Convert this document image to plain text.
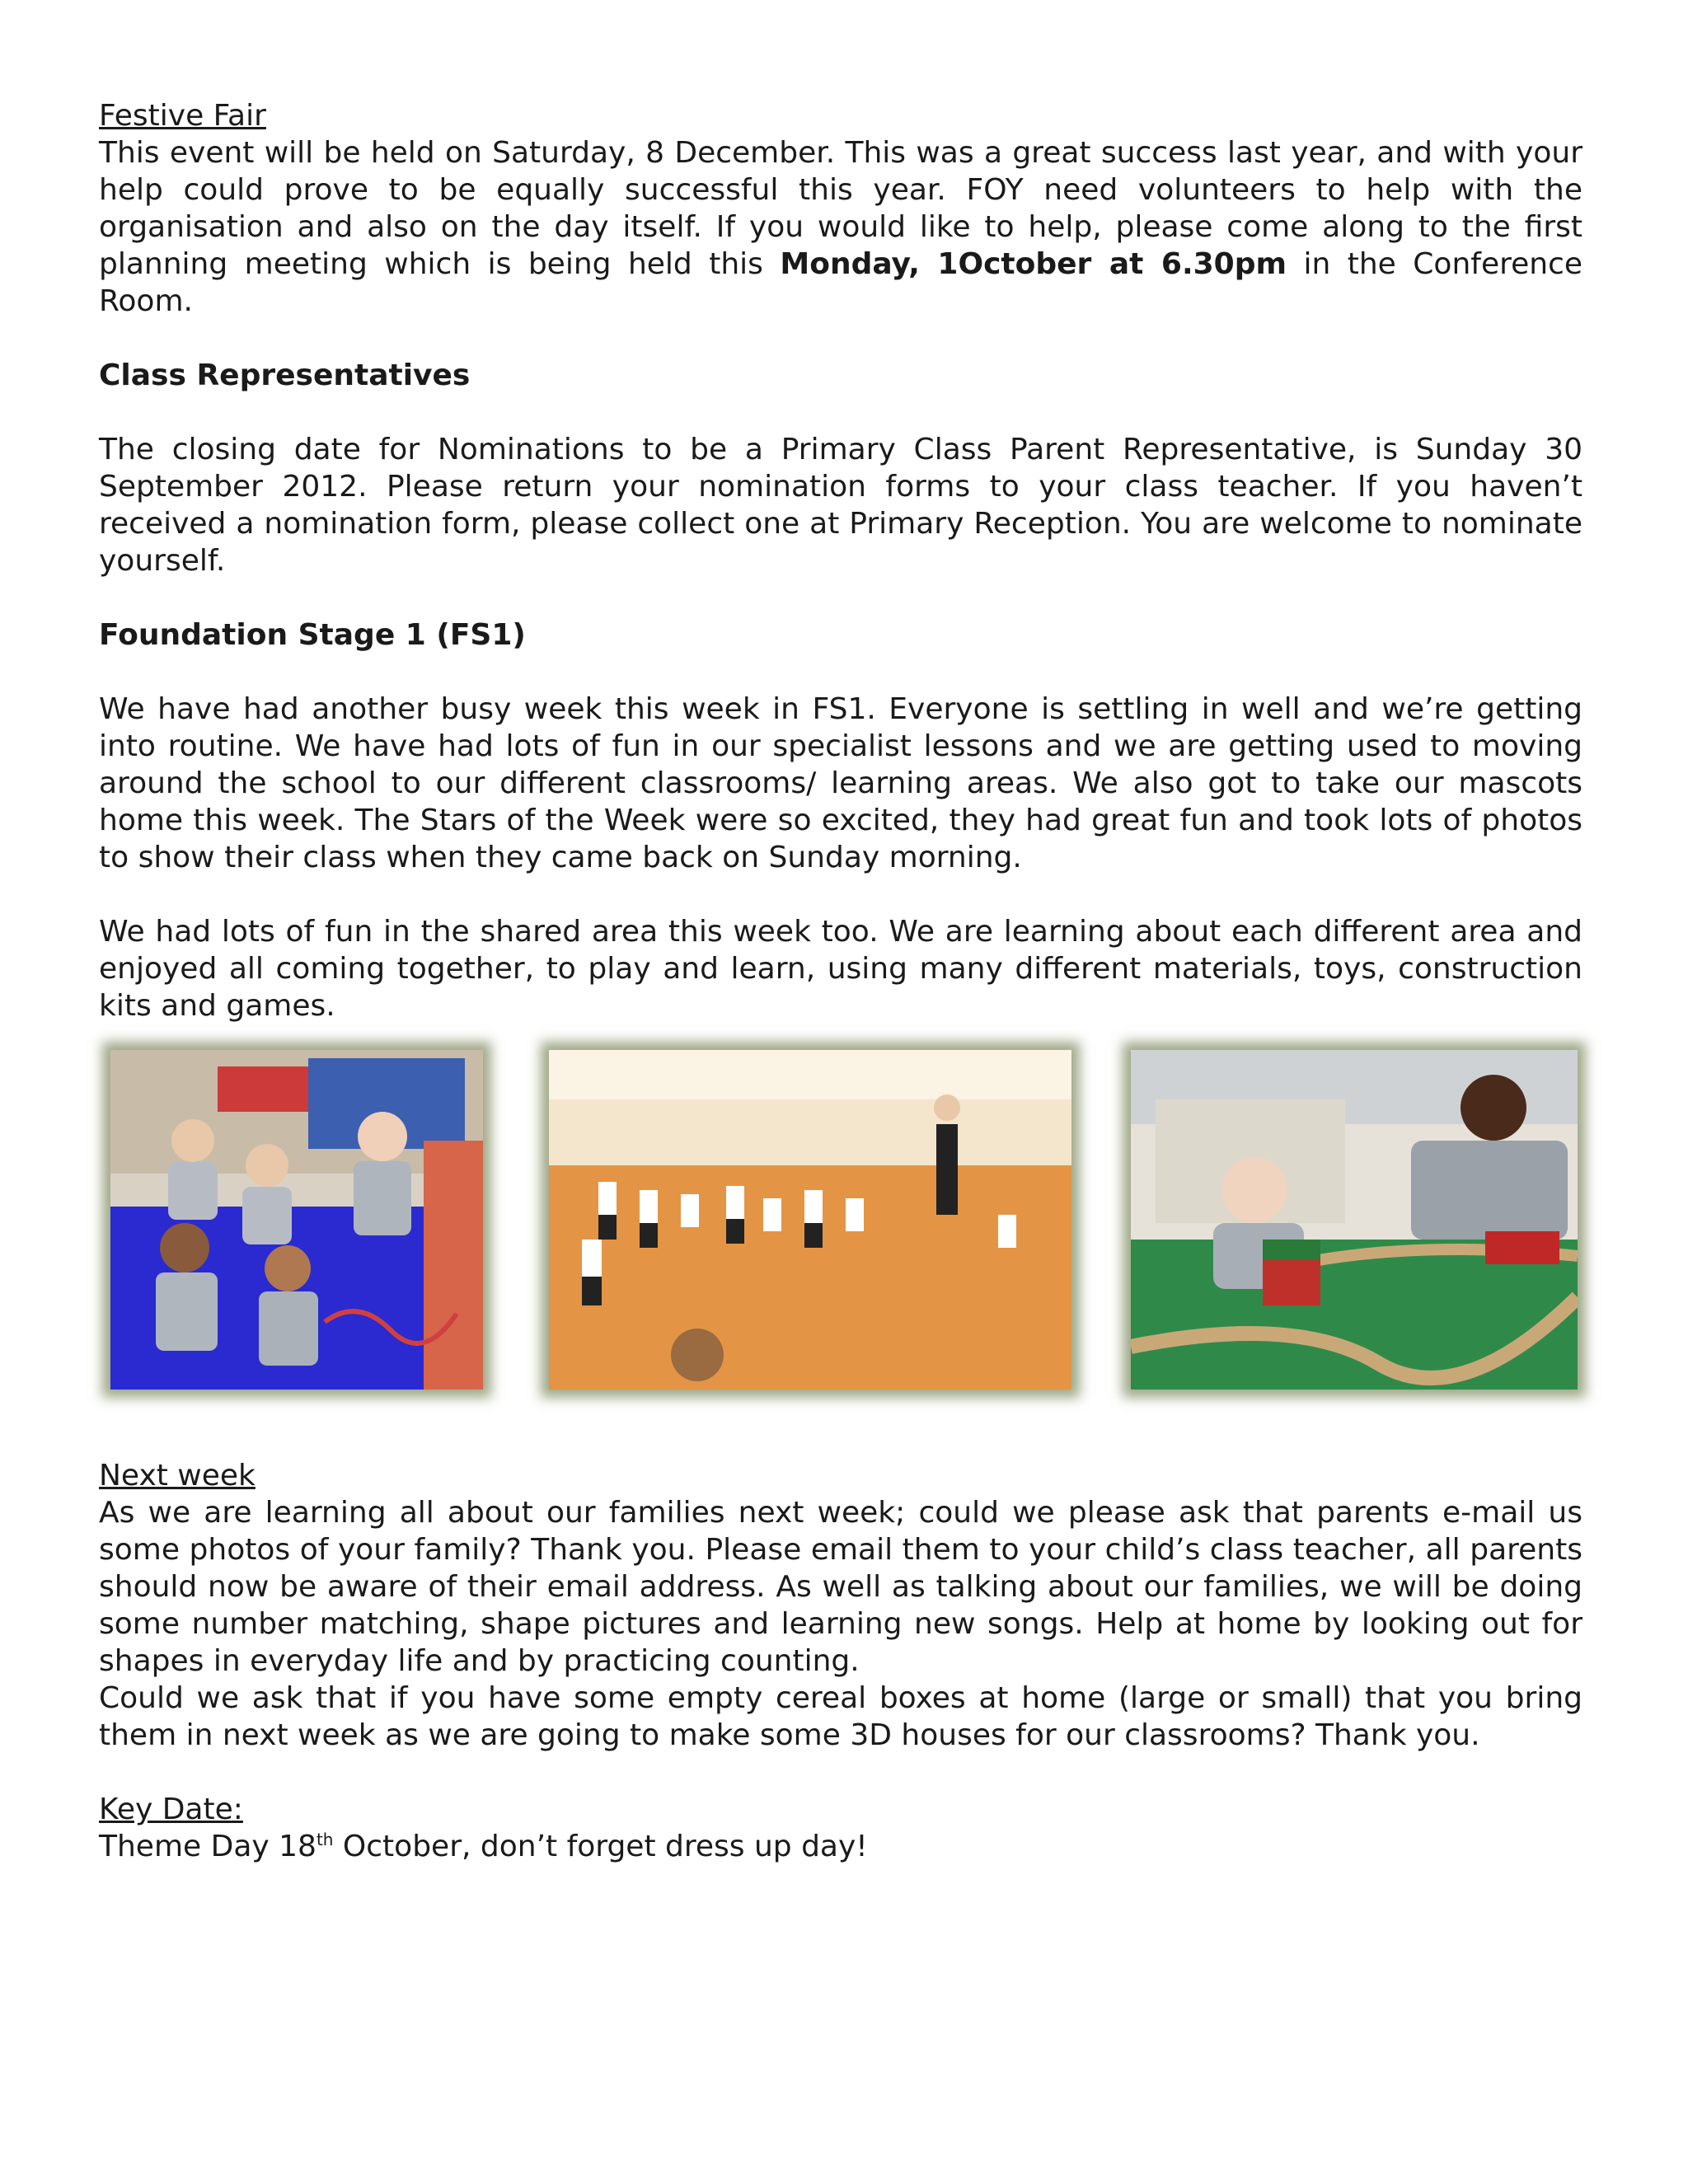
Festive Fair

This event will be held on Saturday, 8 December. This was a great success last year, and with your help could prove to be equally successful this year. FOY need volunteers to help with the organisation and also on the day itself. If you would like to help, please come along to the first planning meeting which is being held this Monday, 1October at 6.30pm in the Conference Room.

Class Representatives

The closing date for Nominations to be a Primary Class Parent Representative, is Sunday 30 September 2012. Please return your nomination forms to your class teacher. If you haven’t received a nomination form, please collect one at Primary Reception. You are welcome to nominate yourself.

Foundation Stage 1 (FS1)

We have had another busy week this week in FS1. Everyone is settling in well and we’re getting into routine. We have had lots of fun in our specialist lessons and we are getting used to moving around the school to our different classrooms/ learning areas. We also got to take our mascots home this week. The Stars of the Week were so excited, they had great fun and took lots of photos to show their class when they came back on Sunday morning.

We had lots of fun in the shared area this week too. We are learning about each different area and enjoyed all coming together, to play and learn, using many different materials, toys, construction kits and games.

Next week

As we are learning all about our families next week; could we please ask that parents e-mail us some photos of your family? Thank you. Please email them to your child’s class teacher, all parents should now be aware of their email address. As well as talking about our families, we will be doing some number matching, shape pictures and learning new songs. Help at home by looking out for shapes in everyday life and by practicing counting.

Could we ask that if you have some empty cereal boxes at home (large or small) that you bring them in next week as we are going to make some 3D houses for our classrooms? Thank you.

Key Date:

Theme Day 18th October, don’t forget dress up day!
